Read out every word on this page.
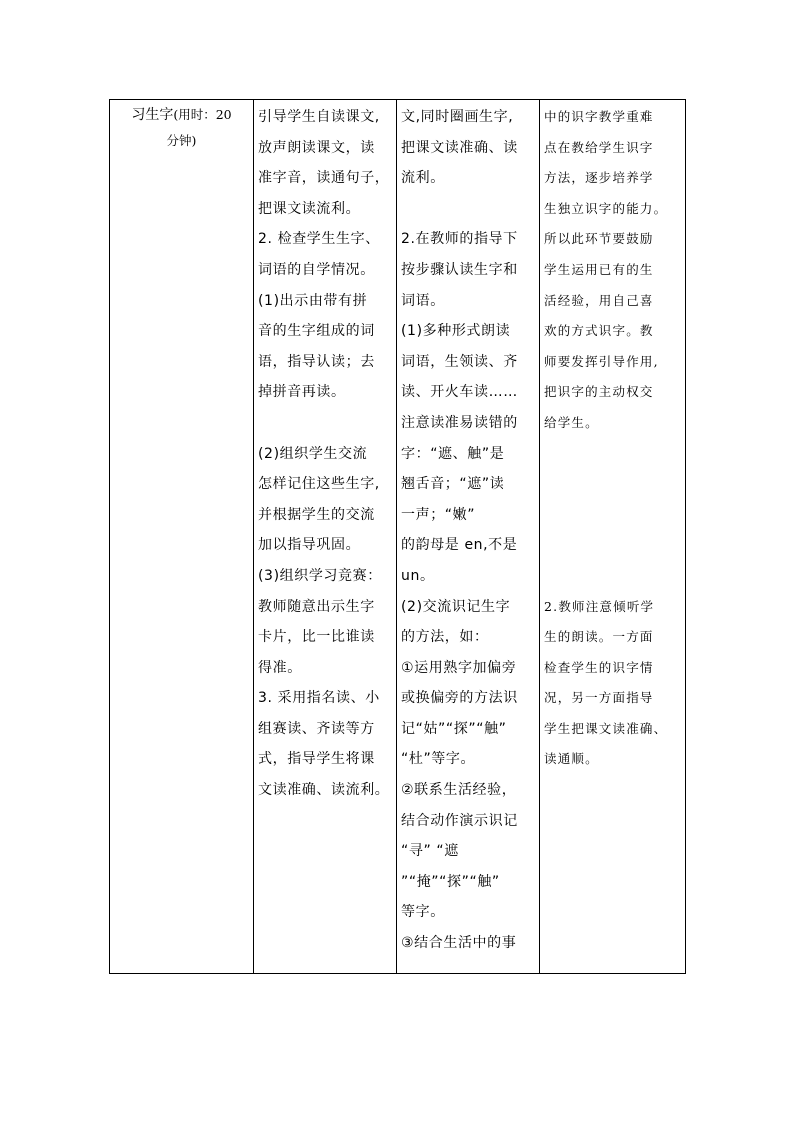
习生字(用时：20
分钟)

引导学生自读课文,
放声朗读课文，读
准字音，读通句子，
把课文读流利。
2. 检查学生生字、
词语的自学情况。
(1)出示由带有拼
音的生字组成的词
语，指导认读；去
掉拼音再读。
(2)组织学生交流
怎样记住这些生字,
并根据学生的交流
加以指导巩固。
(3)组织学习竞赛：
教师随意出示生字
卡片，比一比谁读
得准。
3. 采用指名读、小
组赛读、齐读等方
式，指导学生将课
文读准确、读流利。

文,同时圈画生字,
把课文读准确、读
流利。
2.在教师的指导下
按步骤认读生字和
词语。
(1)多种形式朗读
词语，生领读、齐
读、开火车读……
注意读准易读错的
字：“遮、触”是
翘舌音；“遮”读
一声；“嫩”
的韵母是 en,不是
un。
(2)交流识记生字
的方法，如：
①运用熟字加偏旁
或换偏旁的方法识
记“姑”“探”“触”
“杜”等字。
②联系生活经验，
结合动作演示识记
“寻” “遮
”“掩”“探”“触”
等字。
③结合生活中的事

中的识字教学重难
点在教给学生识字
方法，逐步培养学
生独立识字的能力。
所以此环节要鼓励
学生运用已有的生
活经验，用自己喜
欢的方式识字。教
师要发挥引导作用,
把识字的主动权交
给学生。
2.教师注意倾听学
生的朗读。一方面
检查学生的识字情
况，另一方面指导
学生把课文读准确、
读通顺。
